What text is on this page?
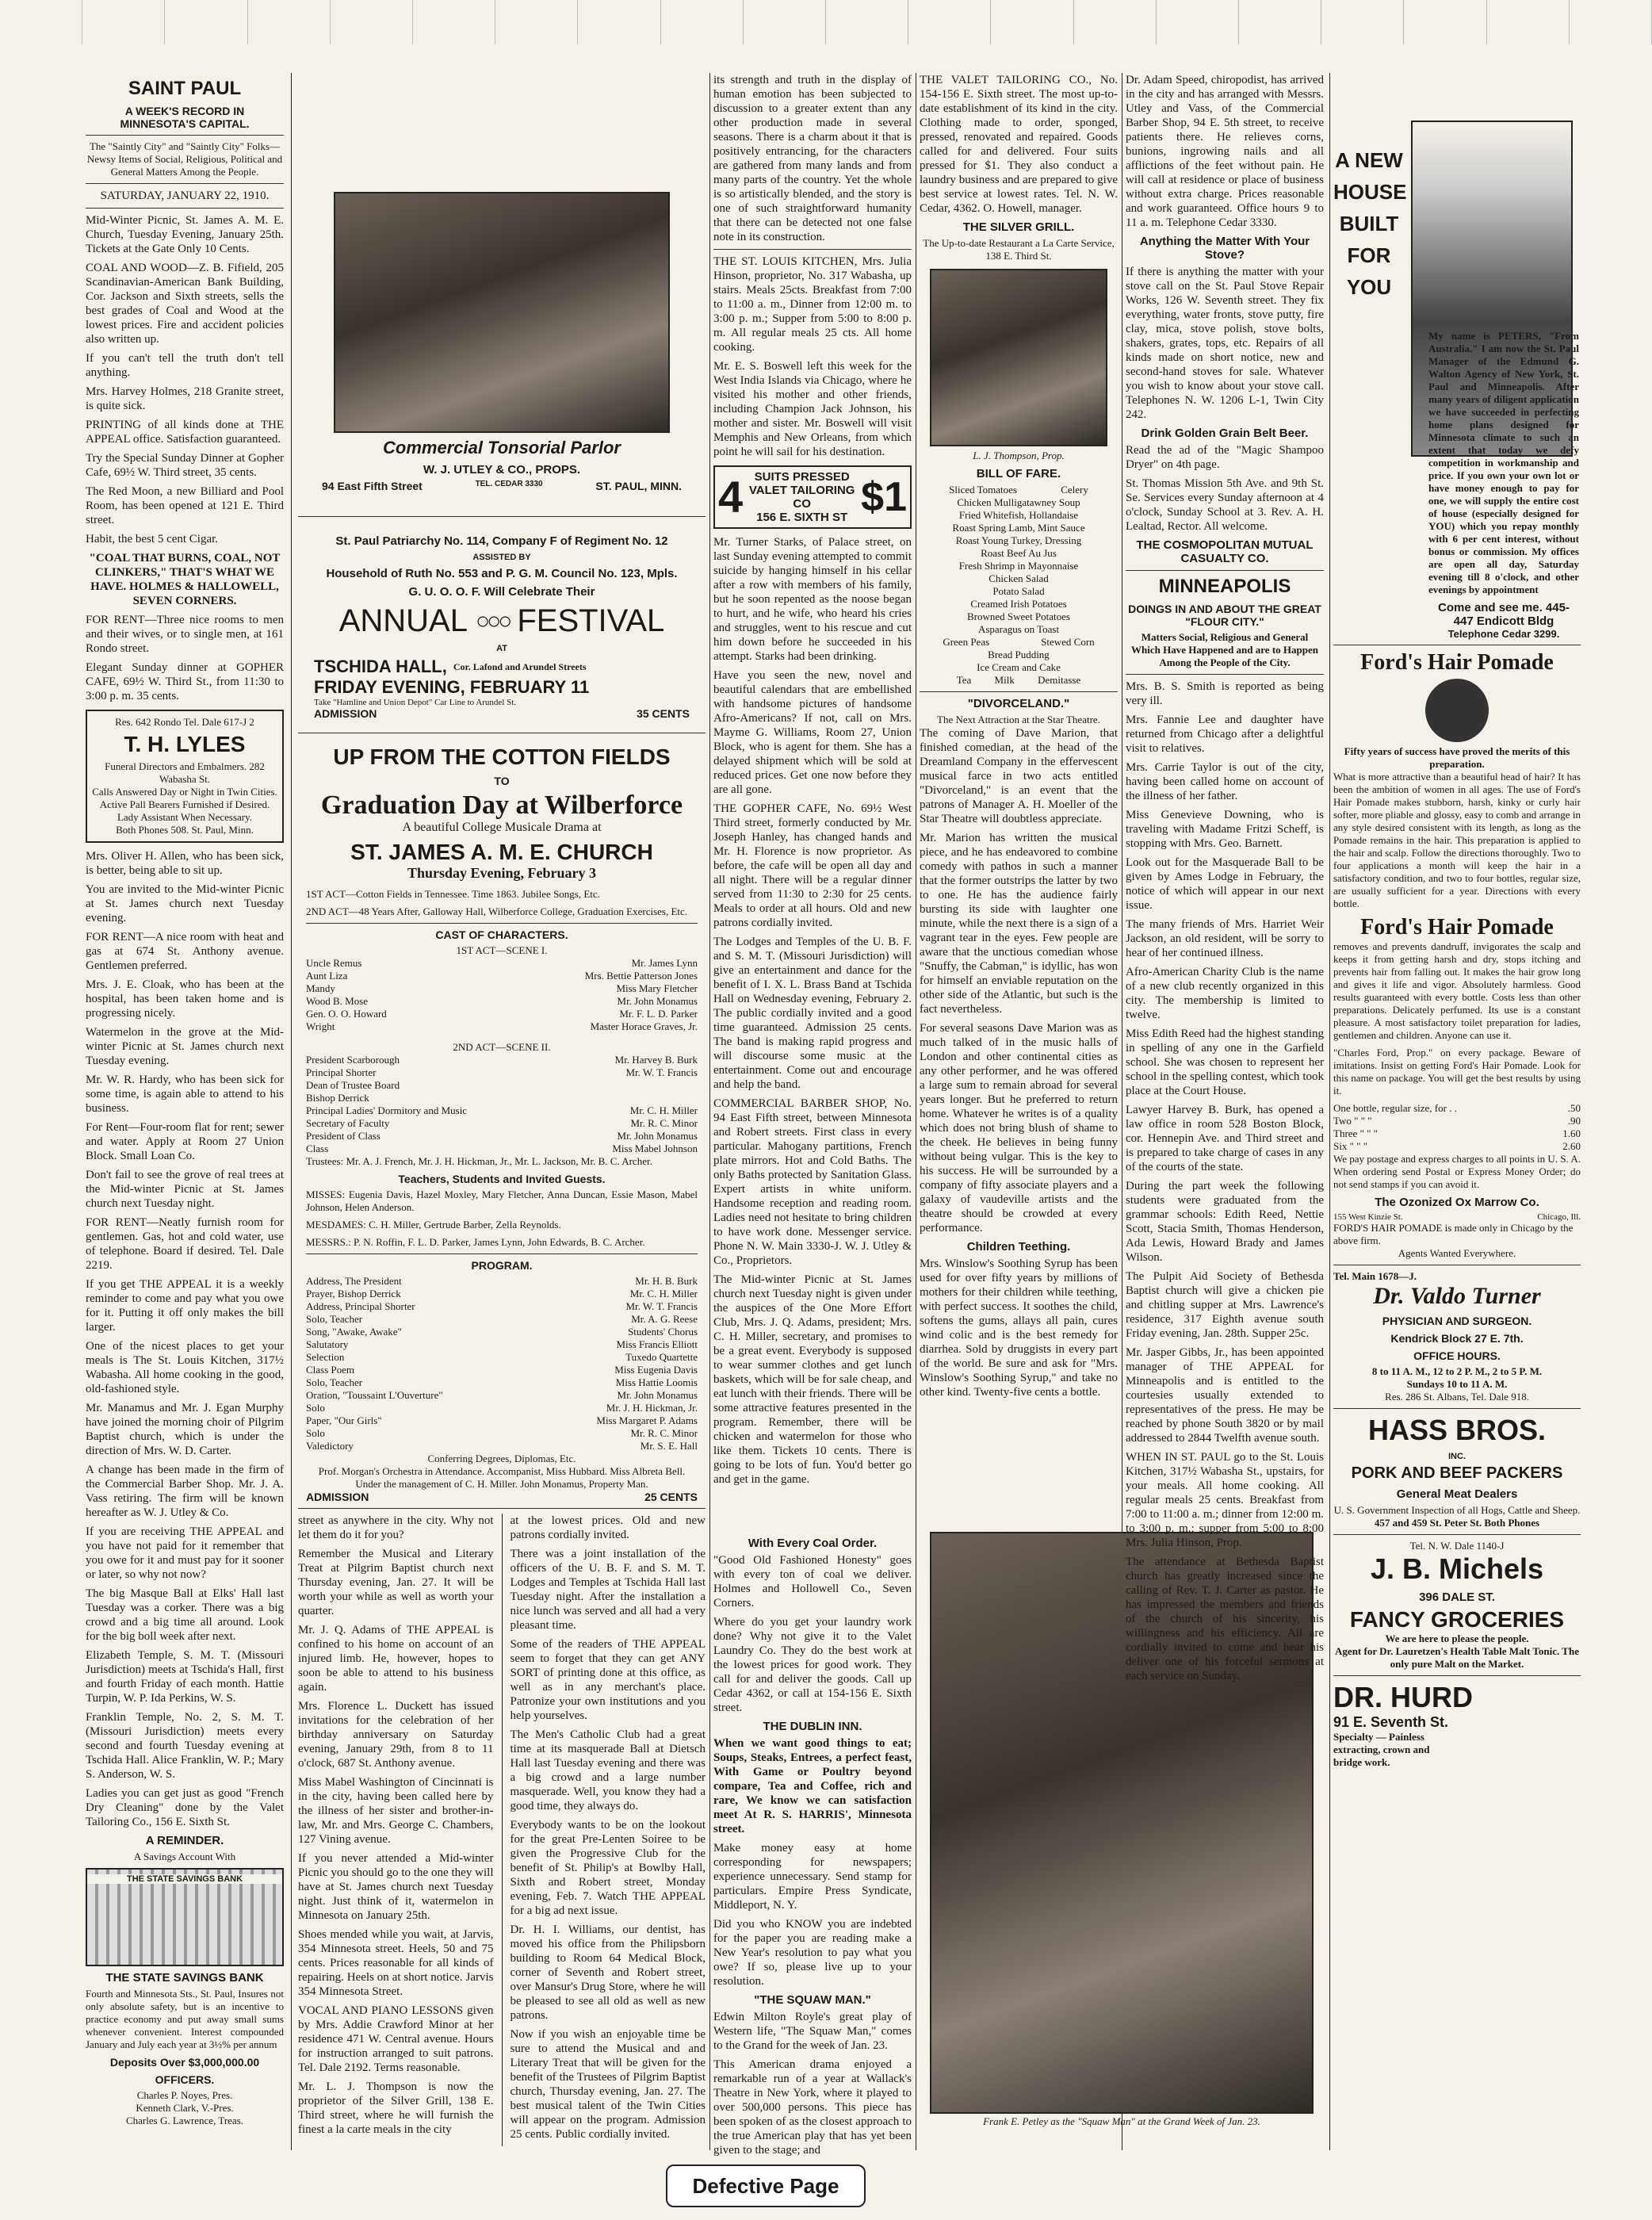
SAINT PAUL
A WEEK'S RECORD IN MINNESOTA'S CAPITAL.

The "Saintly City" and "Saintly City" Folks—Newsy Items of Social, Religious, Political and General Matters Among the People.

SATURDAY, JANUARY 22, 1910.

Mid-Winter Picnic, St. James A. M. E. Church, Tuesday Evening, January 25th. Tickets at the Gate Only 10 Cents.

COAL AND WOOD—Z. B. Fifield, 205 Scandinavian-American Bank Building, Cor. Jackson and Sixth streets, sells the best grades of Coal and Wood at the lowest prices. Fire and accident policies also written up.

If you can't tell the truth don't tell anything.

Mrs. Harvey Holmes, 218 Granite street, is quite sick.

PRINTING of all kinds done at THE APPEAL office. Satisfaction guaranteed.

Try the Special Sunday Dinner at Gopher Cafe, 69½ W. Third street, 35 cents.

The Red Moon, a new Billiard and Pool Room, has been opened at 121 E. Third street.

Habit, the best 5 cent Cigar.

"COAL THAT BURNS, COAL, NOT CLINKERS," THAT'S WHAT WE HAVE. HOLMES & HALLOWELL, SEVEN CORNERS.

FOR RENT—Three nice rooms to men and their wives, or to single men, at 161 Rondo street.

Elegant Sunday dinner at GOPHER CAFE, 69½ W. Third St., from 11:30 to 3:00 p. m. 35 cents.

Res. 642 Rondo Tel. Dale 617-J 2
T. H. LYLES
Funeral Directors and Embalmers. 282 Wabasha St.
Calls Answered Day or Night in Twin Cities.
Active Pall Bearers Furnished if Desired.
Lady Assistant When Necessary.
Both Phones 508. St. Paul, Minn.

Mrs. Oliver H. Allen, who has been sick, is better, being able to sit up.

You are invited to the Mid-winter Picnic at St. James church next Tuesday evening.

FOR RENT—A nice room with heat and gas at 674 St. Anthony avenue. Gentlemen preferred.

Mrs. J. E. Cloak, who has been at the hospital, has been taken home and is progressing nicely.

Watermelon in the grove at the Mid-winter Picnic at St. James church next Tuesday evening.

Mr. W. R. Hardy, who has been sick for some time, is again able to attend to his business.

For Rent—Four-room flat for rent; sewer and water. Apply at Room 27 Union Block. Small Loan Co.

Don't fail to see the grove of real trees at the Mid-winter Picnic at St. James church next Tuesday night.

FOR RENT—Neatly furnish room for gentlemen. Gas, hot and cold water, use of telephone. Board if desired. Tel. Dale 2219.

If you get THE APPEAL it is a weekly reminder to come and pay what you owe for it. Putting it off only makes the bill larger.

One of the nicest places to get your meals is The St. Louis Kitchen, 317½ Wabasha. All home cooking in the good, old-fashioned style.

Mr. Manamus and Mr. J. Egan Murphy have joined the morning choir of Pilgrim Baptist church, which is under the direction of Mrs. W. D. Carter.

A change has been made in the firm of the Commercial Barber Shop. Mr. J. A. Vass retiring. The firm will be known hereafter as W. J. Utley & Co.

If you are receiving THE APPEAL and you have not paid for it remember that you owe for it and must pay for it sooner or later, so why not now?

The big Masque Ball at Elks' Hall last Tuesday was a corker. There was a big crowd and a big time all around. Look for the big boll week after next.

Elizabeth Temple, S. M. T. (Missouri Jurisdiction) meets at Tschida's Hall, first and fourth Friday of each month. Hattie Turpin, W. P. Ida Perkins, W. S.

Franklin Temple, No. 2, S. M. T. (Missouri Jurisdiction) meets every second and fourth Tuesday evening at Tschida Hall. Alice Franklin, W. P.; Mary S. Anderson, W. S.

Ladies you can get just as good "French Dry Cleaning" done by the Valet Tailoring Co., 156 E. Sixth St.

A REMINDER.
A Savings Account With
THE STATE SAVINGS BANK
THE STATE SAVINGS BANK

Fourth and Minnesota Sts., St. Paul, Insures not only absolute safety, but is an incentive to practice economy and put away small sums whenever convenient. Interest compounded January and July each year at 3½% per annum

Deposits Over $3,000,000.00
OFFICERS.
Charles P. Noyes, Pres.
Kenneth Clark, V.-Pres.
Charles G. Lawrence, Treas.
Commercial Tonsorial Parlor
W. J. UTLEY & CO., PROPS.
94 East Fifth Street	TEL. CEDAR 3330	ST. PAUL, MINN.
St. Paul Patriarchy No. 114, Company F of Regiment No. 12
ASSISTED BY
Household of Ruth No. 553 and P. G. M. Council No. 123, Mpls.
G. U. O. O. F. Will Celebrate Their
ANNUAL ○○○ FESTIVAL
AT
TSCHIDA HALL, Cor. Lafond and Arundel Streets
FRIDAY EVENING, FEBRUARY 11
Take "Hamline and Union Depot" Car Line to Arundel St.
ADMISSION	35 CENTS
UP FROM THE COTTON FIELDS
TO
Graduation Day at Wilberforce
A beautiful College Musicale Drama at
ST. JAMES A. M. E. CHURCH
Thursday Evening, February 3

1ST ACT—Cotton Fields in Tennessee. Time 1863. Jubilee Songs, Etc.

2ND ACT—48 Years After, Galloway Hall, Wilberforce College, Graduation Exercises, Etc.

CAST OF CHARACTERS.
1ST ACT—SCENE I.
Uncle Remus	Mr. James Lynn
Aunt Liza	Mrs. Bettie Patterson Jones
Mandy	Miss Mary Fletcher
Wood B. Mose	Mr. John Monamus
Gen. O. O. Howard	Mr. F. L. D. Parker
Wright	Master Horace Graves, Jr.
2ND ACT—SCENE II.
President Scarborough	Mr. Harvey B. Burk
Principal Shorter	Mr. W. T. Francis
Dean of Trustee Board
Bishop Derrick
Principal Ladies' Dormitory and Music	Mr. C. H. Miller
Secretary of Faculty	Mr. R. C. Minor
President of Class	Mr. John Monamus
Class	Miss Mabel Johnson

Trustees: Mr. A. J. French, Mr. J. H. Hickman, Jr., Mr. L. Jackson, Mr. B. C. Archer.

Teachers, Students and Invited Guests.

MISSES: Eugenia Davis, Hazel Moxley, Mary Fletcher, Anna Duncan, Essie Mason, Mabel Johnson, Helen Anderson.

MESDAMES: C. H. Miller, Gertrude Barber, Zella Reynolds.

MESSRS.: P. N. Roffin, F. L. D. Parker, James Lynn, John Edwards, B. C. Archer.

PROGRAM.
Address, The President	Mr. H. B. Burk
Prayer, Bishop Derrick	Mr. C. H. Miller
Address, Principal Shorter	Mr. W. T. Francis
Solo, Teacher	Mr. A. G. Reese
Song, "Awake, Awake"	Students' Chorus
Salutatory	Miss Francis Elliott
Selection	Tuxedo Quartette
Class Poem	Miss Eugenia Davis
Solo, Teacher	Miss Hattie Loomis
Oration, "Toussaint L'Ouverture"	Mr. John Monamus
Solo	Mr. J. H. Hickman, Jr.
Paper, "Our Girls"	Miss Margaret P. Adams
Solo	Mr. R. C. Minor
Valedictory	Mr. S. E. Hall
Conferring Degrees, Diplomas, Etc.
Prof. Morgan's Orchestra in Attendance. Accompanist, Miss Hubbard. Miss Albreta Bell.
Under the management of C. H. Miller. John Monamus, Property Man.
ADMISSION	25 CENTS

street as anywhere in the city. Why not let them do it for you?

Remember the Musical and Literary Treat at Pilgrim Baptist church next Thursday evening, Jan. 27. It will be worth your while as well as worth your quarter.

Mr. J. Q. Adams of THE APPEAL is confined to his home on account of an injured limb. He, however, hopes to soon be able to attend to his business again.

Mrs. Florence L. Duckett has issued invitations for the celebration of her birthday anniversary on Saturday evening, January 29th, from 8 to 11 o'clock, 687 St. Anthony avenue.

Miss Mabel Washington of Cincinnati is in the city, having been called here by the illness of her sister and brother-in-law, Mr. and Mrs. George C. Chambers, 127 Vining avenue.

If you never attended a Mid-winter Picnic you should go to the one they will have at St. James church next Tuesday night. Just think of it, watermelon in Minnesota on January 25th.

Shoes mended while you wait, at Jarvis, 354 Minnesota street. Heels, 50 and 75 cents. Prices reasonable for all kinds of repairing. Heels on at short notice. Jarvis 354 Minnesota Street.

VOCAL AND PIANO LESSONS given by Mrs. Addie Crawford Minor at her residence 471 W. Central avenue. Hours for instruction arranged to suit patrons. Tel. Dale 2192. Terms reasonable.

Mr. L. J. Thompson is now the proprietor of the Silver Grill, 138 E. Third street, where he will furnish the finest a la carte meals in the city

at the lowest prices. Old and new patrons cordially invited.

There was a joint installation of the officers of the U. B. F. and S. M. T. Lodges and Temples at Tschida Hall last Tuesday night. After the installation a nice lunch was served and all had a very pleasant time.

Some of the readers of THE APPEAL seem to forget that they can get ANY SORT of printing done at this office, as well as in any merchant's place. Patronize your own institutions and you help yourselves.

The Men's Catholic Club had a great time at its masquerade Ball at Dietsch Hall last Tuesday evening and there was a big crowd and a large number masquerade. Well, you know they had a good time, they always do.

Everybody wants to be on the lookout for the great Pre-Lenten Soiree to be given the Progressive Club for the benefit of St. Philip's at Bowlby Hall, Sixth and Robert street, Monday evening, Feb. 7. Watch THE APPEAL for a big ad next issue.

Dr. H. I. Williams, our dentist, has moved his office from the Philipsborn building to Room 64 Medical Block, corner of Seventh and Robert street, over Mansur's Drug Store, where he will be pleased to see all old as well as new patrons.

Now if you wish an enjoyable time be sure to attend the Musical and and Literary Treat that will be given for the benefit of the Trustees of Pilgrim Baptist church, Thursday evening, Jan. 27. The best musical talent of the Twin Cities will appear on the program. Admission 25 cents. Public cordially invited.

its strength and truth in the display of human emotion has been subjected to discussion to a greater extent than any other production made in several seasons. There is a charm about it that is positively entrancing, for the characters are gathered from many lands and from many parts of the country. Yet the whole is so artistically blended, and the story is one of such straightforward humanity that there can be detected not one false note in its construction.

THE ST. LOUIS KITCHEN, Mrs. Julia Hinson, proprietor, No. 317 Wabasha, up stairs. Meals 25cts. Breakfast from 7:00 to 11:00 a. m., Dinner from 12:00 m. to 3:00 p. m.; Supper from 5:00 to 8:00 p. m. All regular meals 25 cts. All home cooking.

Mr. E. S. Boswell left this week for the West India Islands via Chicago, where he visited his mother and other friends, including Champion Jack Johnson, his mother and sister. Mr. Boswell will visit Memphis and New Orleans, from which point he will sail for his destination.

4 SUITS PRESSED
VALET TAILORING CO
156 E. SIXTH ST $1

Mr. Turner Starks, of Palace street, on last Sunday evening attempted to commit suicide by hanging himself in his cellar after a row with members of his family, but he soon repented as the noose began to hurt, and he wife, who heard his cries and struggles, went to his rescue and cut him down before he succeeded in his attempt. Starks had been drinking.

Have you seen the new, novel and beautiful calendars that are embellished with handsome pictures of handsome Afro-Americans? If not, call on Mrs. Mayme G. Williams, Room 27, Union Block, who is agent for them. She has a delayed shipment which will be sold at reduced prices. Get one now before they are all gone.

THE GOPHER CAFE, No. 69½ West Third street, formerly conducted by Mr. Joseph Hanley, has changed hands and Mr. H. Florence is now proprietor. As before, the cafe will be open all day and all night. There will be a regular dinner served from 11:30 to 2:30 for 25 cents. Meals to order at all hours. Old and new patrons cordially invited.

The Lodges and Temples of the U. B. F. and S. M. T. (Missouri Jurisdiction) will give an entertainment and dance for the benefit of I. X. L. Brass Band at Tschida Hall on Wednesday evening, February 2. The public cordially invited and a good time guaranteed. Admission 25 cents. The band is making rapid progress and will discourse some music at the entertainment. Come out and encourage and help the band.

COMMERCIAL BARBER SHOP, No. 94 East Fifth street, between Minnesota and Robert streets. First class in every particular. Mahogany partitions, French plate mirrors. Hot and Cold Baths. The only Baths protected by Sanitation Glass. Expert artists in white uniform. Handsome reception and reading room. Ladies need not hesitate to bring children to have work done. Messenger service. Phone N. W. Main 3330-J. W. J. Utley & Co., Proprietors.

The Mid-winter Picnic at St. James church next Tuesday night is given under the auspices of the One More Effort Club, Mrs. J. Q. Adams, president; Mrs. C. H. Miller, secretary, and promises to be a great event. Everybody is supposed to wear summer clothes and get lunch baskets, which will be for sale cheap, and eat lunch with their friends. There will be some attractive features presented in the program. Remember, there will be chicken and watermelon for those who like them. Tickets 10 cents. There is going to be lots of fun. You'd better go and get in the game.

THE VALET TAILORING CO., No. 154-156 E. Sixth street. The most up-to-date establishment of its kind in the city. Clothing made to order, sponged, pressed, renovated and repaired. Goods called for and delivered. Four suits pressed for $1. They also conduct a laundry business and are prepared to give best service at lowest rates. Tel. N. W. Cedar, 4362. O. Howell, manager.

THE SILVER GRILL.
The Up-to-date Restaurant a La Carte Service, 138 E. Third St.
L. J. Thompson, Prop.
BILL OF FARE.
Sliced Tomatoes                 Celery
Chicken Mulligatawney Soup
Fried Whitefish, Hollandaise
Roast Spring Lamb, Mint Sauce
Roast Young Turkey, Dressing
Roast Beef Au Jus
Fresh Shrimp in Mayonnaise
Chicken Salad
Potato Salad
Creamed Irish Potatoes
Browned Sweet Potatoes
Asparagus on Toast
Green Peas                    Stewed Corn
Bread Pudding
Ice Cream and Cake
Tea         Milk         Demitasse
"DIVORCELAND."
The Next Attraction at the Star Theatre.

The coming of Dave Marion, that finished comedian, at the head of the Dreamland Company in the effervescent musical farce in two acts entitled "Divorceland," is an event that the patrons of Manager A. H. Moeller of the Star Theatre will doubtless appreciate.

Mr. Marion has written the musical piece, and he has endeavored to combine comedy with pathos in such a manner that the former outstrips the latter by two to one. He has the audience fairly bursting its side with laughter one minute, while the next there is a sign of a vagrant tear in the eyes. Few people are aware that the unctious comedian whose "Snuffy, the Cabman," is idyllic, has won for himself an enviable reputation on the other side of the Atlantic, but such is the fact nevertheless.

For several seasons Dave Marion was as much talked of in the music halls of London and other continental cities as any other performer, and he was offered a large sum to remain abroad for several years longer. But he preferred to return home. Whatever he writes is of a quality which does not bring blush of shame to the cheek. He believes in being funny without being vulgar. This is the key to his success. He will be surrounded by a company of fifty associate players and a galaxy of vaudeville artists and the theatre should be crowded at every performance.

Children Teething.

Mrs. Winslow's Soothing Syrup has been used for over fifty years by millions of mothers for their children while teething, with perfect success. It soothes the child, softens the gums, allays all pain, cures wind colic and is the best remedy for diarrhea. Sold by druggists in every part of the world. Be sure and ask for "Mrs. Winslow's Soothing Syrup," and take no other kind. Twenty-five cents a bottle.

With Every Coal Order.

"Good Old Fashioned Honesty" goes with every ton of coal we deliver. Holmes and Hollowell Co., Seven Corners.

Where do you get your laundry work done? Why not give it to the Valet Laundry Co. They do the best work at the lowest prices for good work. They call for and deliver the goods. Call up Cedar 4362, or call at 154-156 E. Sixth street.

THE DUBLIN INN.

When we want good things to eat; Soups, Steaks, Entrees, a perfect feast, With Game or Poultry beyond compare, Tea and Coffee, rich and rare, We know we can satisfaction meet At R. S. HARRIS', Minnesota street.

Make money easy at home corresponding for newspapers; experience unnecessary. Send stamp for particulars. Empire Press Syndicate, Middleport, N. Y.

Did you who KNOW you are indebted for the paper you are reading make a New Year's resolution to pay what you owe? If so, please live up to your resolution.

"THE SQUAW MAN."

Edwin Milton Royle's great play of Western life, "The Squaw Man," comes to the Grand for the week of Jan. 23.

This American drama enjoyed a remarkable run of a year at Wallack's Theatre in New York, where it played to over 500,000 persons. This piece has been spoken of as the closest approach to the true American play that has yet been given to the stage; and

Frank E. Petley as the "Squaw Man" at the Grand Week of Jan. 23.

Dr. Adam Speed, chiropodist, has arrived in the city and has arranged with Messrs. Utley and Vass, of the Commercial Barber Shop, 94 E. 5th street, to receive patients there. He relieves corns, bunions, ingrowing nails and all afflictions of the feet without pain. He will call at residence or place of business without extra charge. Prices reasonable and work guaranteed. Office hours 9 to 11 a. m. Telephone Cedar 3330.

Anything the Matter With Your Stove?

If there is anything the matter with your stove call on the St. Paul Stove Repair Works, 126 W. Seventh street. They fix everything, water fronts, stove putty, fire clay, mica, stove polish, stove bolts, shakers, grates, tops, etc. Repairs of all kinds made on short notice, new and second-hand stoves for sale. Whatever you wish to know about your stove call. Telephones N. W. 1206 L-1, Twin City 242.

Drink Golden Grain Belt Beer.

Read the ad of the "Magic Shampoo Dryer" on 4th page.

St. Thomas Mission 5th Ave. and 9th St. Se. Services every Sunday afternoon at 4 o'clock, Sunday School at 3. Rev. A. H. Lealtad, Rector. All welcome.

THE COSMOPOLITAN MUTUAL CASUALTY CO.
MINNEAPOLIS
DOINGS IN AND ABOUT THE GREAT "FLOUR CITY."

Matters Social, Religious and General Which Have Happened and are to Happen Among the People of the City.

Mrs. B. S. Smith is reported as being very ill.

Mrs. Fannie Lee and daughter have returned from Chicago after a delightful visit to relatives.

Mrs. Carrie Taylor is out of the city, having been called home on account of the illness of her father.

Miss Genevieve Downing, who is traveling with Madame Fritzi Scheff, is stopping with Mrs. Geo. Barnett.

Look out for the Masquerade Ball to be given by Ames Lodge in February, the notice of which will appear in our next issue.

The many friends of Mrs. Harriet Weir Jackson, an old resident, will be sorry to hear of her continued illness.

Afro-American Charity Club is the name of a new club recently organized in this city. The membership is limited to twelve.

Miss Edith Reed had the highest standing in spelling of any one in the Garfield school. She was chosen to represent her school in the spelling contest, which took place at the Court House.

Lawyer Harvey B. Burk, has opened a law office in room 528 Boston Block, cor. Hennepin Ave. and Third street and is prepared to take charge of cases in any of the courts of the state.

During the part week the following students were graduated from the grammar schools: Edith Reed, Nettie Scott, Stacia Smith, Thomas Henderson, Ada Lewis, Howard Brady and James Wilson.

The Pulpit Aid Society of Bethesda Baptist church will give a chicken pie and chitling supper at Mrs. Lawrence's residence, 317 Eighth avenue south Friday evening, Jan. 28th. Supper 25c.

Mr. Jasper Gibbs, Jr., has been appointed manager of THE APPEAL for Minneapolis and is entitled to the courtesies usually extended to representatives of the press. He may be reached by phone South 3820 or by mail addressed to 2844 Twelfth avenue south.

WHEN IN ST. PAUL go to the St. Louis Kitchen, 317½ Wabasha St., upstairs, for your meals. All home cooking. All regular meals 25 cents. Breakfast from 7:00 to 11:00 a. m.; dinner from 12:00 m. to 3:00 p. m.; supper from 5:00 to 8:00 Mrs. Julia Hinson, Prop.

The attendance at Bethesda Baptist church has greatly increased since the calling of Rev. T. J. Carter as pastor. He has impressed the members and friends of the church of his sincerity, his willingness and his efficiency. All are cordially invited to come and hear his deliver one of his forceful sermons at each service on Sunday.

A NEW HOUSE BUILT FOR YOU

My name is PETERS, "From Australia." I am now the St. Paul Manager of the Edmund G. Walton Agency of New York, St. Paul and Minneapolis. After many years of diligent application we have succeeded in perfecting home plans designed for Minnesota climate to such an extent that today we defy competition in workmanship and price. If you own your own lot or have money enough to pay for one, we will supply the entire cost of house (especially designed for YOU) which you repay monthly with 6 per cent interest, without bonus or commission. My offices are open all day, Saturday evening till 8 o'clock, and other evenings by appointment

Come and see me. 445-447 Endicott Bldg
Telephone Cedar 3299.
Ford's Hair Pomade
Fifty years of success have proved the merits of this preparation.

What is more attractive than a beautiful head of hair? It has been the ambition of women in all ages. The use of Ford's Hair Pomade makes stubborn, harsh, kinky or curly hair softer, more pliable and glossy, easy to comb and arrange in any style desired consistent with its length, as long as the Pomade remains in the hair. This preparation is applied to the hair and scalp. Follow the directions thoroughly. Two to four applications a month will keep the hair in a satisfactory condition, and two to four bottles, regular size, are usually sufficient for a year. Directions with every bottle.

Ford's Hair Pomade

removes and prevents dandruff, invigorates the scalp and keeps it from getting harsh and dry, stops itching and prevents hair from falling out. It makes the hair grow long and gives it life and vigor. Absolutely harmless. Good results guaranteed with every bottle. Costs less than other preparations. Delicately perfumed. Its use is a constant pleasure. A most satisfactory toilet preparation for ladies, gentlemen and children. Anyone can use it.

"Charles Ford, Prop." on every package. Beware of imitations. Insist on getting Ford's Hair Pomade. Look for this name on package. You will get the best results by using it.

One bottle, regular size, for . .	.50
Two " " "	.90
Three " " "	1.60
Six " " "	2.60

We pay postage and express charges to all points in U. S. A. When ordering send Postal or Express Money Order; do not send stamps if you can avoid it.

The Ozonized Ox Marrow Co.
155 West Kinzie St.	Chicago, Ill.
FORD'S HAIR POMADE is made only in Chicago by the above firm.
Agents Wanted Everywhere.
Tel. Main 1678—J.
Dr. Valdo Turner
PHYSICIAN AND SURGEON.
Kendrick Block 27 E. 7th.
OFFICE HOURS.
8 to 11 A. M., 12 to 2 P. M., 2 to 5 P. M.
Sundays 10 to 11 A. M.
Res. 286 St. Albans, Tel. Dale 918.
HASS BROS.
INC.
PORK AND BEEF PACKERS
General Meat Dealers
U. S. Government Inspection of all Hogs, Cattle and Sheep.
457 and 459 St. Peter St. Both Phones
Tel. N. W. Dale 1140-J
J. B. Michels
396 DALE ST.
FANCY GROCERIES
We are here to please the people.
Agent for Dr. Lauretzen's Health Table Malt Tonic. The only pure Malt on the Market.
DR. HURD
91 E. Seventh St.
Specialty — Painless extracting, crown and bridge work.
Defective Page
